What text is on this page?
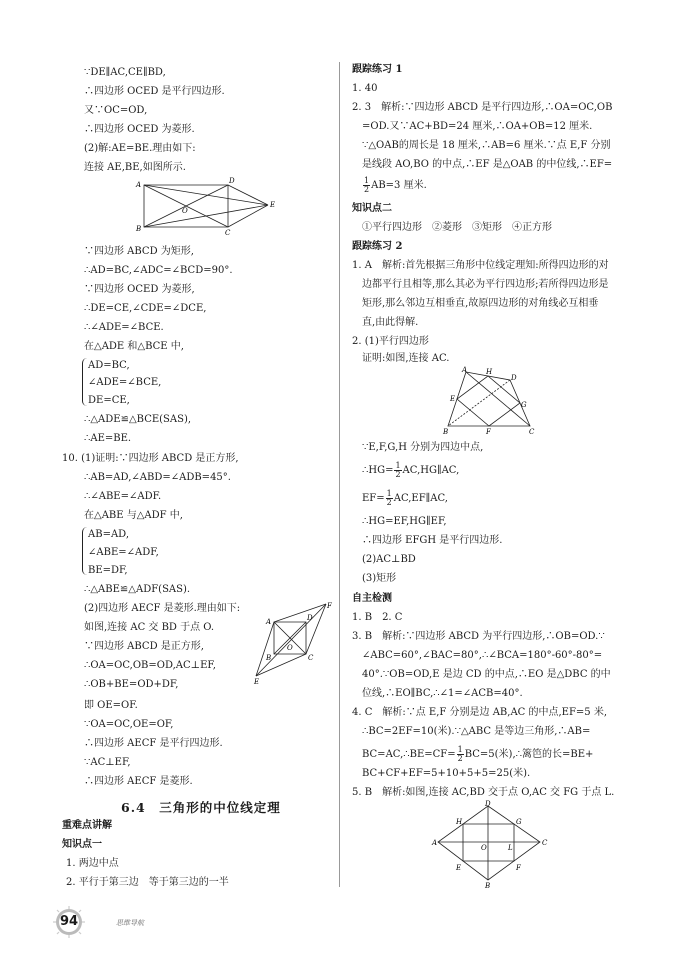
∵DE∥AC,CE∥BD,
∴四边形 OCED 是平行四边形.
又∵OC=OD,
∴四边形 OCED 为菱形.
(2)解:AE=BE.理由如下:
连接 AE,BE,如图所示.
A	D
B	C
O
E
∵四边形 ABCD 为矩形,
∴AD=BC,∠ADC=∠BCD=90°.
∵四边形 OCED 为菱形,
∴DE=CE,∠CDE=∠DCE,
∴∠ADE=∠BCE.
在△ADE 和△BCE 中,
AD=BC,
∠ADE=∠BCE,
DE=CE,
∴△ADE≌△BCE(SAS),
∴AE=BE.
10. (1)证明:∵四边形 ABCD 是正方形,
∴AB=AD,∠ABD=∠ADB=45°.
∴∠ABE=∠ADF.
在△ABE 与△ADF 中,
AB=AD,
∠ABE=∠ADF,
BE=DF,
∴△ABE≌△ADF(SAS).
(2)四边形 AECF 是菱形.理由如下:
如图,连接 AC 交 BD 于点 O.
∵四边形 ABCD 是正方形,
∴OA=OC,OB=OD,AC⊥EF,
∴OB+BE=OD+DF,
即 OE=OF.
∵OA=OC,OE=OF,
∴四边形 AECF 是平行四边形.
∵AC⊥EF,
∴四边形 AECF 是菱形.
A	D
B	C
O
F
E
6.4　三角形的中位线定理
重难点讲解
知识点一
1. 两边中点
2. 平行于第三边　等于第三边的一半
跟踪练习 1
1. 40
2. 3　解析:∵四边形 ABCD 是平行四边形,∴OA=OC,OB
=OD.又∵AC+BD=24 厘米,∴OA+OB=12 厘米.
∵△OAB的周长是 18 厘米,∴AB=6 厘米.∵点 E,F 分别
是线段 AO,BO 的中点,∴EF 是△OAB 的中位线,∴EF=
$\frac{1}{2} AB=3$ 厘米.
知识点二
①平行四边形　②菱形　③矩形　④正方形
跟踪练习 2
1. A　解析:首先根据三角形中位线定理知:所得四边形的对
边都平行且相等,那么其必为平行四边形;若所得四边形是
矩形,那么邻边互相垂直,故原四边形的对角线必互相垂
直,由此得解.
2. (1)平行四边形
证明:如图,连接 AC.
A	H
D
E
G
B	F	C
∵E,F,G,H 分别为四边中点,
∴HG= $\frac{1}{2}$ AC,HG∥AC,
$EF= \frac{1}{2}$ AC,EF∥AC,
∴HG=EF,HG∥EF,
∴四边形 EFGH 是平行四边形.
(2)AC⊥BD
(3)矩形
自主检测
1. B　2. C
3. B　解析:∵四边形 ABCD 为平行四边形,∴OB=OD.∵
∠ABC=60°,∠BAC=80°,∴∠BCA=180°-60°-80°=
40°.∵OB=OD,E 是边 CD 的中点,∴EO 是△DBC 的中
位线,∴EO∥BC,∴∠1=∠ACB=40°.
4. C　解析:∵点 E,F 分别是边 AB,AC 的中点,EF=5 米,
∴BC=2EF=10(米).∵△ABC 是等边三角形,∴AB=
BC=AC,∴BE=CF= $\frac{1}{2} BC=5$(米),∴篱笆的长=BE+
BC+CF+EF=5+10+5+5=25(米).
5. B　解析:如图,连接 AC,BD 交于点 O,AC 交 FG 于点 L.
D
H	G
A
O	L
C
E	F
B
94	思维导航
